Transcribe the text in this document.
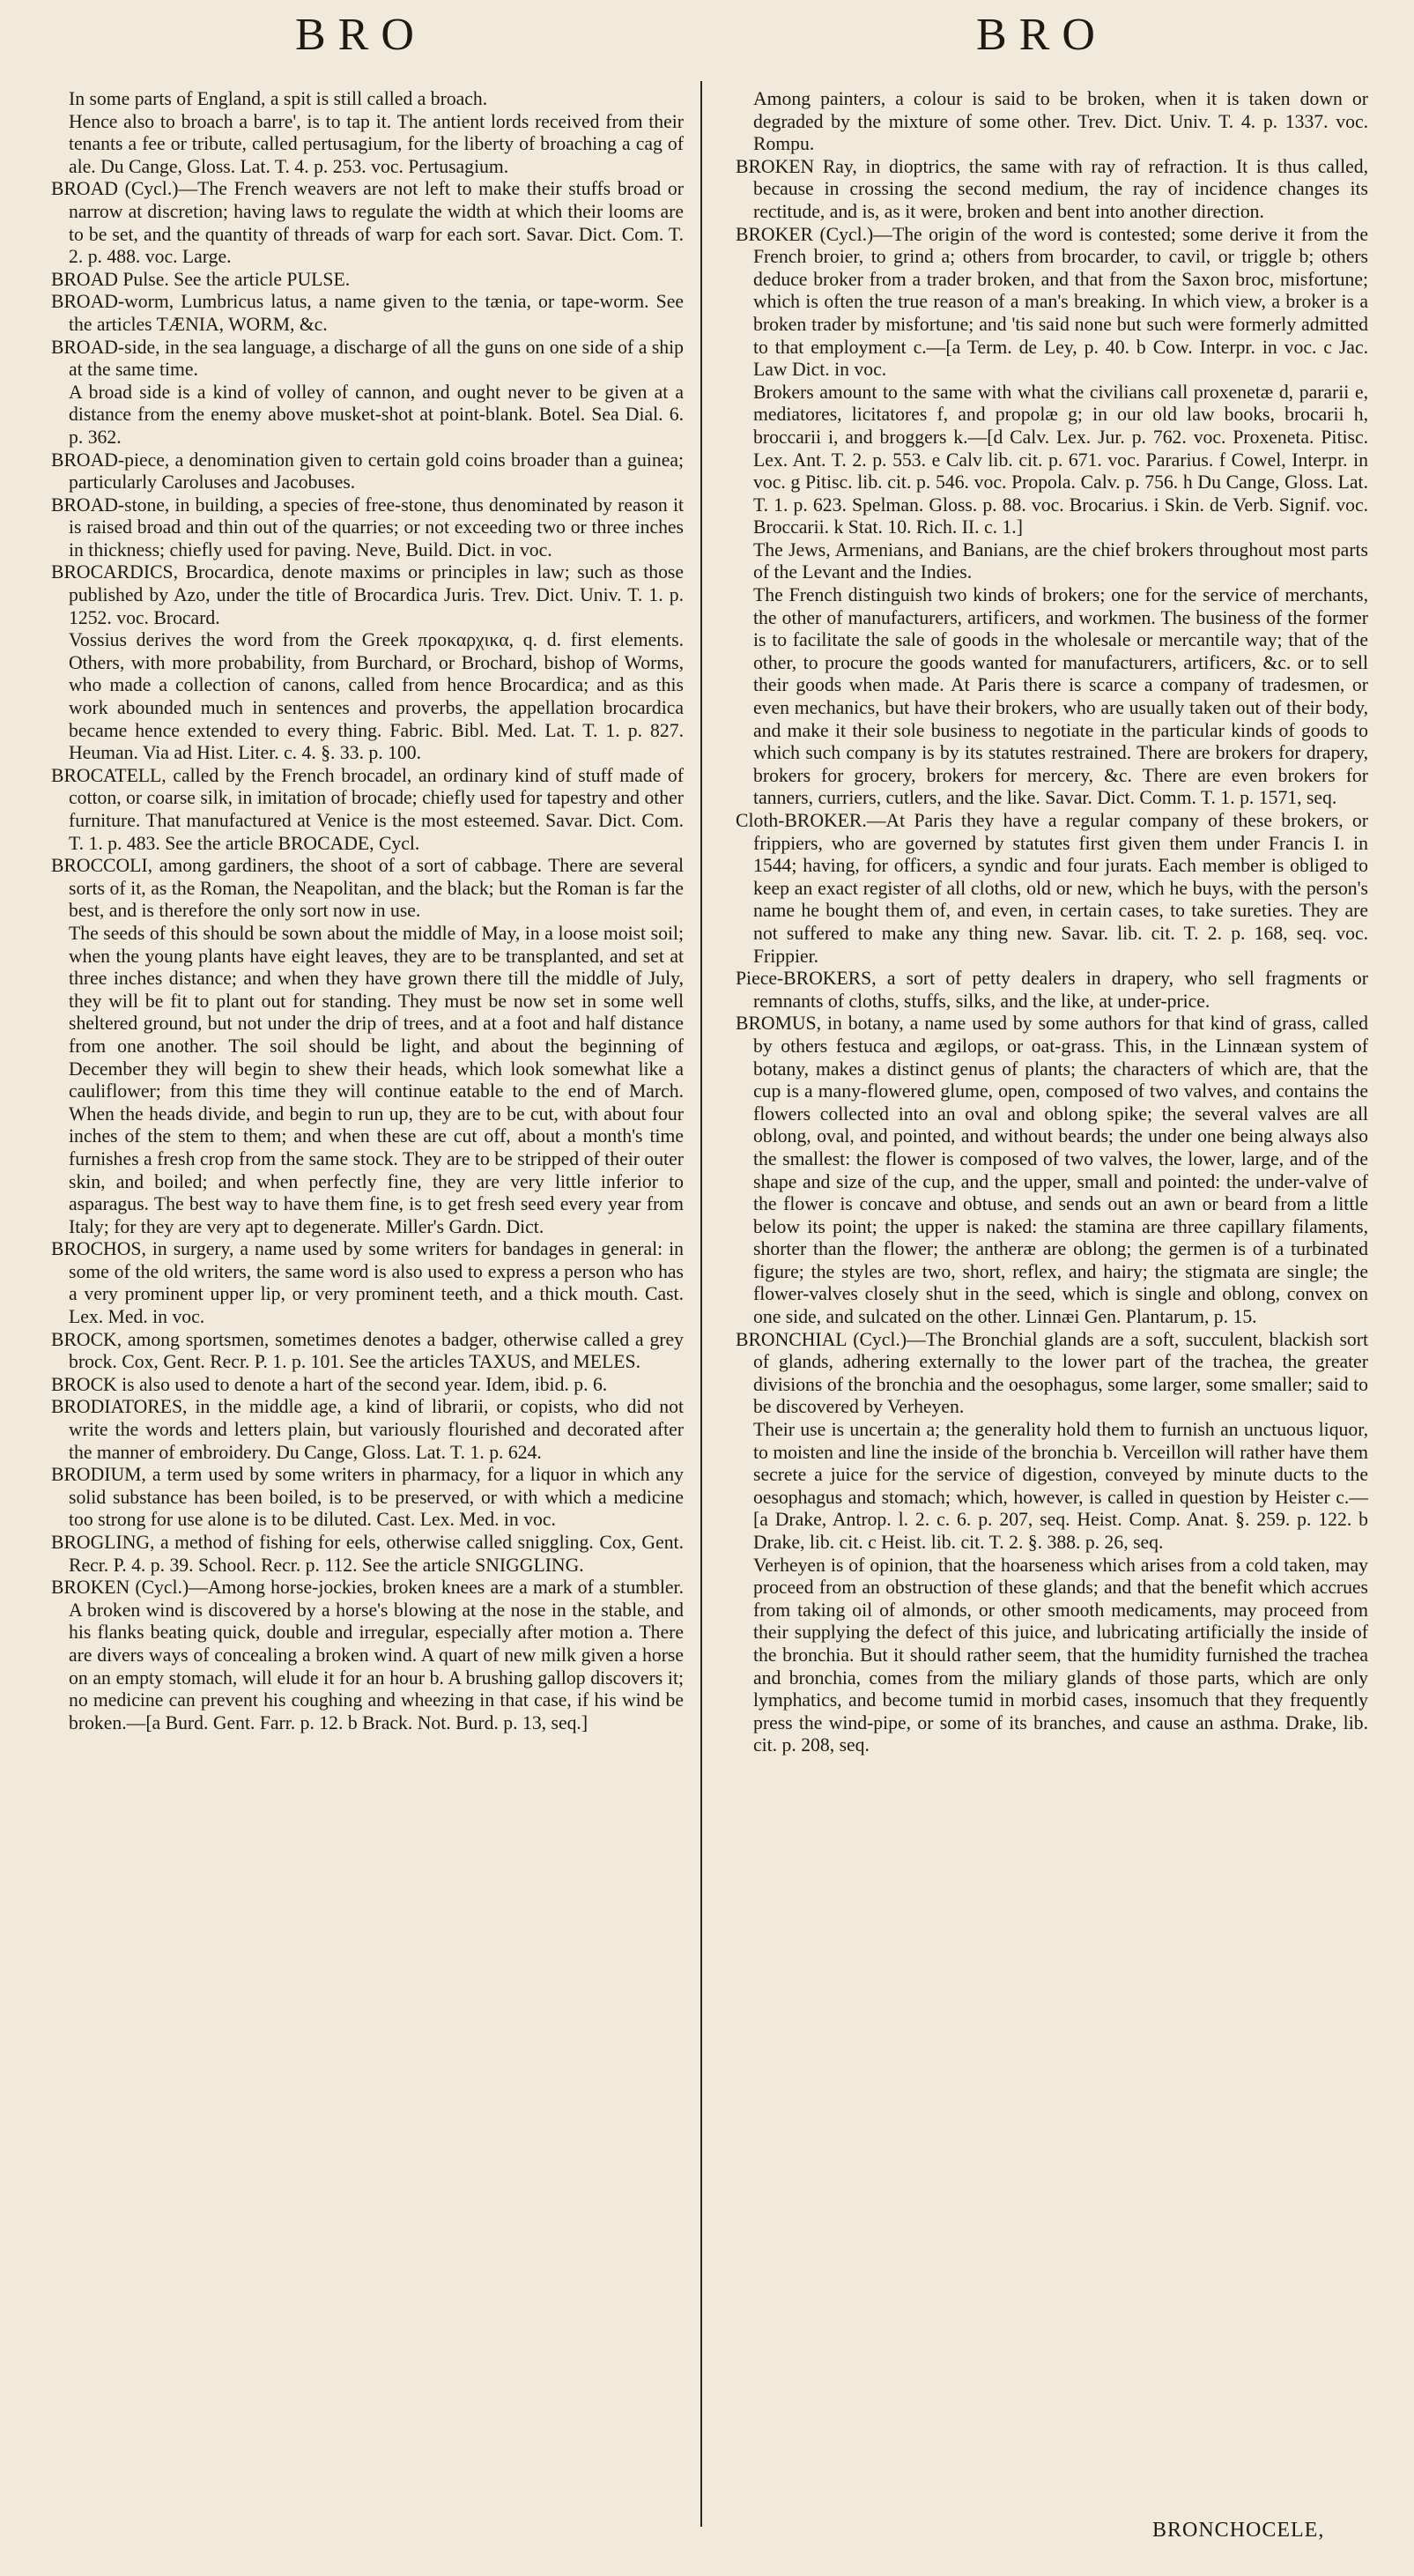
BRO	BRO

In some parts of England, a spit is still called a broach.

Hence also to broach a barre', is to tap it. The antient lords received from their tenants a fee or tribute, called pertusagium, for the liberty of broaching a cag of ale. Du Cange, Gloss. Lat. T. 4. p. 253. voc. Pertusagium.

BROAD (Cycl.)—The French weavers are not left to make their stuffs broad or narrow at discretion; having laws to regulate the width at which their looms are to be set, and the quantity of threads of warp for each sort. Savar. Dict. Com. T. 2. p. 488. voc. Large.

BROAD Pulse. See the article PULSE.

BROAD-worm, Lumbricus latus, a name given to the tænia, or tape-worm. See the articles TÆNIA, WORM, &c.

BROAD-side, in the sea language, a discharge of all the guns on one side of a ship at the same time.

A broad side is a kind of volley of cannon, and ought never to be given at a distance from the enemy above musket-shot at point-blank. Botel. Sea Dial. 6. p. 362.

BROAD-piece, a denomination given to certain gold coins broader than a guinea; particularly Caroluses and Jacobuses.

BROAD-stone, in building, a species of free-stone, thus denominated by reason it is raised broad and thin out of the quarries; or not exceeding two or three inches in thickness; chiefly used for paving. Neve, Build. Dict. in voc.

BROCARDICS, Brocardica, denote maxims or principles in law; such as those published by Azo, under the title of Brocardica Juris. Trev. Dict. Univ. T. 1. p. 1252. voc. Brocard.

Vossius derives the word from the Greek προκαρχικα, q. d. first elements. Others, with more probability, from Burchard, or Brochard, bishop of Worms, who made a collection of canons, called from hence Brocardica; and as this work abounded much in sentences and proverbs, the appellation brocardica became hence extended to every thing. Fabric. Bibl. Med. Lat. T. 1. p. 827. Heuman. Via ad Hist. Liter. c. 4. §. 33. p. 100.

BROCATELL, called by the French brocadel, an ordinary kind of stuff made of cotton, or coarse silk, in imitation of brocade; chiefly used for tapestry and other furniture. That manufactured at Venice is the most esteemed. Savar. Dict. Com. T. 1. p. 483. See the article BROCADE, Cycl.

BROCCOLI, among gardiners, the shoot of a sort of cabbage. There are several sorts of it, as the Roman, the Neapolitan, and the black; but the Roman is far the best, and is therefore the only sort now in use.

The seeds of this should be sown about the middle of May, in a loose moist soil; when the young plants have eight leaves, they are to be transplanted, and set at three inches distance; and when they have grown there till the middle of July, they will be fit to plant out for standing. They must be now set in some well sheltered ground, but not under the drip of trees, and at a foot and half distance from one another. The soil should be light, and about the beginning of December they will begin to shew their heads, which look somewhat like a cauliflower; from this time they will continue eatable to the end of March. When the heads divide, and begin to run up, they are to be cut, with about four inches of the stem to them; and when these are cut off, about a month's time furnishes a fresh crop from the same stock. They are to be stripped of their outer skin, and boiled; and when perfectly fine, they are very little inferior to asparagus. The best way to have them fine, is to get fresh seed every year from Italy; for they are very apt to degenerate. Miller's Gardn. Dict.

BROCHOS, in surgery, a name used by some writers for bandages in general: in some of the old writers, the same word is also used to express a person who has a very prominent upper lip, or very prominent teeth, and a thick mouth. Cast. Lex. Med. in voc.

BROCK, among sportsmen, sometimes denotes a badger, otherwise called a grey brock. Cox, Gent. Recr. P. 1. p. 101. See the articles TAXUS, and MELES.

BROCK is also used to denote a hart of the second year. Idem, ibid. p. 6.

BRODIATORES, in the middle age, a kind of librarii, or copists, who did not write the words and letters plain, but variously flourished and decorated after the manner of embroidery. Du Cange, Gloss. Lat. T. 1. p. 624.

BRODIUM, a term used by some writers in pharmacy, for a liquor in which any solid substance has been boiled, is to be preserved, or with which a medicine too strong for use alone is to be diluted. Cast. Lex. Med. in voc.

BROGLING, a method of fishing for eels, otherwise called sniggling. Cox, Gent. Recr. P. 4. p. 39. School. Recr. p. 112. See the article SNIGGLING.

BROKEN (Cycl.)—Among horse-jockies, broken knees are a mark of a stumbler. A broken wind is discovered by a horse's blowing at the nose in the stable, and his flanks beating quick, double and irregular, especially after motion a. There are divers ways of concealing a broken wind. A quart of new milk given a horse on an empty stomach, will elude it for an hour b. A brushing gallop discovers it; no medicine can prevent his coughing and wheezing in that case, if his wind be broken.—[a Burd. Gent. Farr. p. 12. b Brack. Not. Burd. p. 13, seq.]

Among painters, a colour is said to be broken, when it is taken down or degraded by the mixture of some other. Trev. Dict. Univ. T. 4. p. 1337. voc. Rompu.

BROKEN Ray, in dioptrics, the same with ray of refraction. It is thus called, because in crossing the second medium, the ray of incidence changes its rectitude, and is, as it were, broken and bent into another direction.

BROKER (Cycl.)—The origin of the word is contested; some derive it from the French broier, to grind a; others from brocarder, to cavil, or triggle b; others deduce broker from a trader broken, and that from the Saxon broc, misfortune; which is often the true reason of a man's breaking. In which view, a broker is a broken trader by misfortune; and 'tis said none but such were formerly admitted to that employment c.—[a Term. de Ley, p. 40. b Cow. Interpr. in voc. c Jac. Law Dict. in voc.

Brokers amount to the same with what the civilians call proxenetæ d, pararii e, mediatores, licitatores f, and propolæ g; in our old law books, brocarii h, broccarii i, and broggers k.—[d Calv. Lex. Jur. p. 762. voc. Proxeneta. Pitisc. Lex. Ant. T. 2. p. 553. e Calv lib. cit. p. 671. voc. Pararius. f Cowel, Interpr. in voc. g Pitisc. lib. cit. p. 546. voc. Propola. Calv. p. 756. h Du Cange, Gloss. Lat. T. 1. p. 623. Spelman. Gloss. p. 88. voc. Brocarius. i Skin. de Verb. Signif. voc. Broccarii. k Stat. 10. Rich. II. c. 1.]

The Jews, Armenians, and Banians, are the chief brokers throughout most parts of the Levant and the Indies.

The French distinguish two kinds of brokers; one for the service of merchants, the other of manufacturers, artificers, and workmen. The business of the former is to facilitate the sale of goods in the wholesale or mercantile way; that of the other, to procure the goods wanted for manufacturers, artificers, &c. or to sell their goods when made. At Paris there is scarce a company of tradesmen, or even mechanics, but have their brokers, who are usually taken out of their body, and make it their sole business to negotiate in the particular kinds of goods to which such company is by its statutes restrained. There are brokers for drapery, brokers for grocery, brokers for mercery, &c. There are even brokers for tanners, curriers, cutlers, and the like. Savar. Dict. Comm. T. 1. p. 1571, seq.

Cloth-BROKER.—At Paris they have a regular company of these brokers, or frippiers, who are governed by statutes first given them under Francis I. in 1544; having, for officers, a syndic and four jurats. Each member is obliged to keep an exact register of all cloths, old or new, which he buys, with the person's name he bought them of, and even, in certain cases, to take sureties. They are not suffered to make any thing new. Savar. lib. cit. T. 2. p. 168, seq. voc. Frippier.

Piece-BROKERS, a sort of petty dealers in drapery, who sell fragments or remnants of cloths, stuffs, silks, and the like, at under-price.

BROMUS, in botany, a name used by some authors for that kind of grass, called by others festuca and ægilops, or oat-grass. This, in the Linnæan system of botany, makes a distinct genus of plants; the characters of which are, that the cup is a many-flowered glume, open, composed of two valves, and contains the flowers collected into an oval and oblong spike; the several valves are all oblong, oval, and pointed, and without beards; the under one being always also the smallest: the flower is composed of two valves, the lower, large, and of the shape and size of the cup, and the upper, small and pointed: the under-valve of the flower is concave and obtuse, and sends out an awn or beard from a little below its point; the upper is naked: the stamina are three capillary filaments, shorter than the flower; the antheræ are oblong; the germen is of a turbinated figure; the styles are two, short, reflex, and hairy; the stigmata are single; the flower-valves closely shut in the seed, which is single and oblong, convex on one side, and sulcated on the other. Linnæi Gen. Plantarum, p. 15.

BRONCHIAL (Cycl.)—The Bronchial glands are a soft, succulent, blackish sort of glands, adhering externally to the lower part of the trachea, the greater divisions of the bronchia and the oesophagus, some larger, some smaller; said to be discovered by Verheyen.

Their use is uncertain a; the generality hold them to furnish an unctuous liquor, to moisten and line the inside of the bronchia b. Verceillon will rather have them secrete a juice for the service of digestion, conveyed by minute ducts to the oesophagus and stomach; which, however, is called in question by Heister c.—[a Drake, Antrop. l. 2. c. 6. p. 207, seq. Heist. Comp. Anat. §. 259. p. 122. b Drake, lib. cit. c Heist. lib. cit. T. 2. §. 388. p. 26, seq.

Verheyen is of opinion, that the hoarseness which arises from a cold taken, may proceed from an obstruction of these glands; and that the benefit which accrues from taking oil of almonds, or other smooth medicaments, may proceed from their supplying the defect of this juice, and lubricating artificially the inside of the bronchia. But it should rather seem, that the humidity furnished the trachea and bronchia, comes from the miliary glands of those parts, which are only lymphatics, and become tumid in morbid cases, insomuch that they frequently press the wind-pipe, or some of its branches, and cause an asthma. Drake, lib. cit. p. 208, seq.

BRONCHOCELE,
